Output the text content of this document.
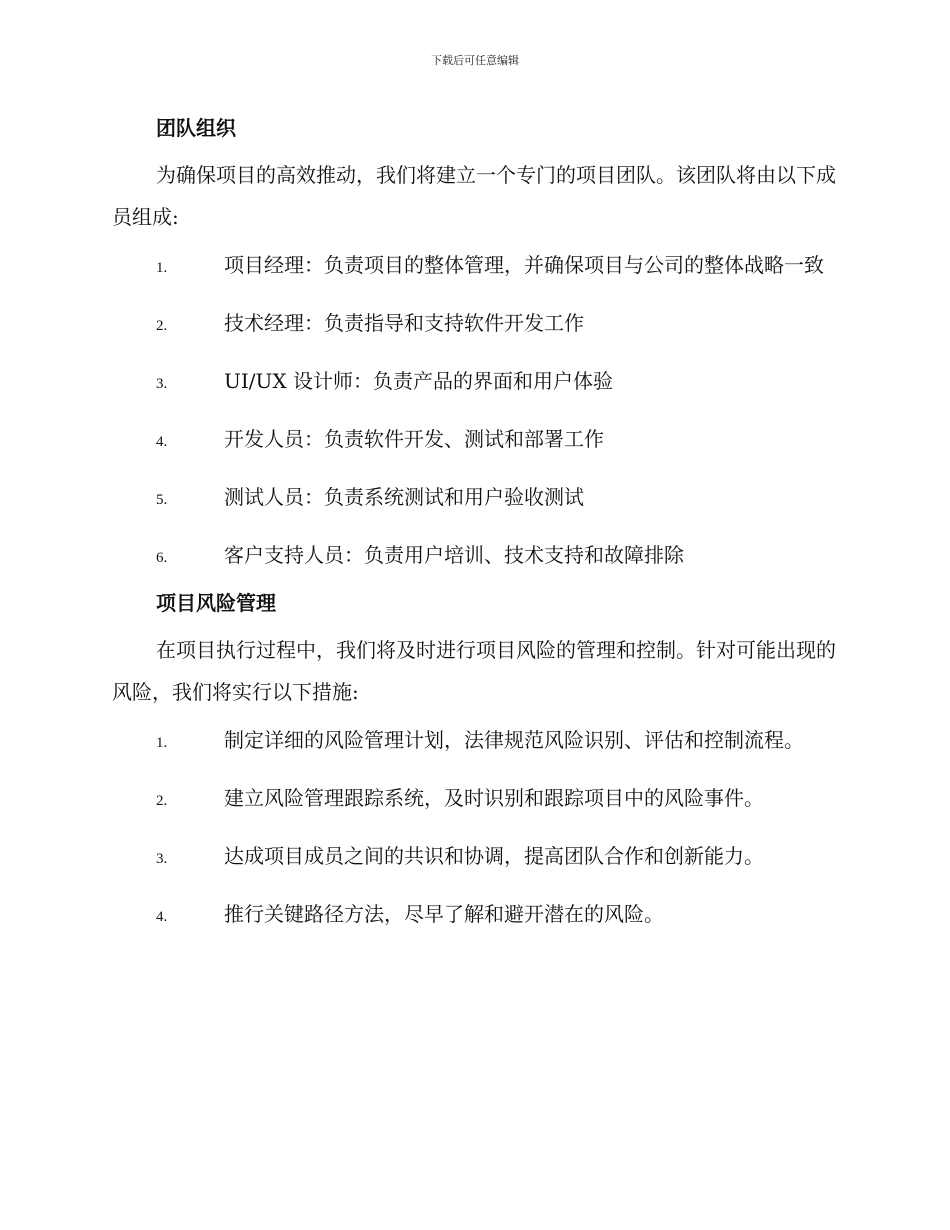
下载后可任意编辑
团队组织

为确保项目的高效推动，我们将建立一个专门的项目团队。该团队将由以下成员组成:

1.	项目经理：负责项目的整体管理，并确保项目与公司的整体战略一致
2.	技术经理：负责指导和支持软件开发工作
3.	UI/UX 设计师：负责产品的界面和用户体验
4.	开发人员：负责软件开发、测试和部署工作
5.	测试人员：负责系统测试和用户验收测试
6.	客户支持人员：负责用户培训、技术支持和故障排除
项目风险管理

在项目执行过程中，我们将及时进行项目风险的管理和控制。针对可能出现的风险，我们将实行以下措施:

1.	制定详细的风险管理计划，法律规范风险识别、评估和控制流程。
2.	建立风险管理跟踪系统，及时识别和跟踪项目中的风险事件。
3.	达成项目成员之间的共识和协调，提高团队合作和创新能力。
4.	推行关键路径方法，尽早了解和避开潜在的风险。
